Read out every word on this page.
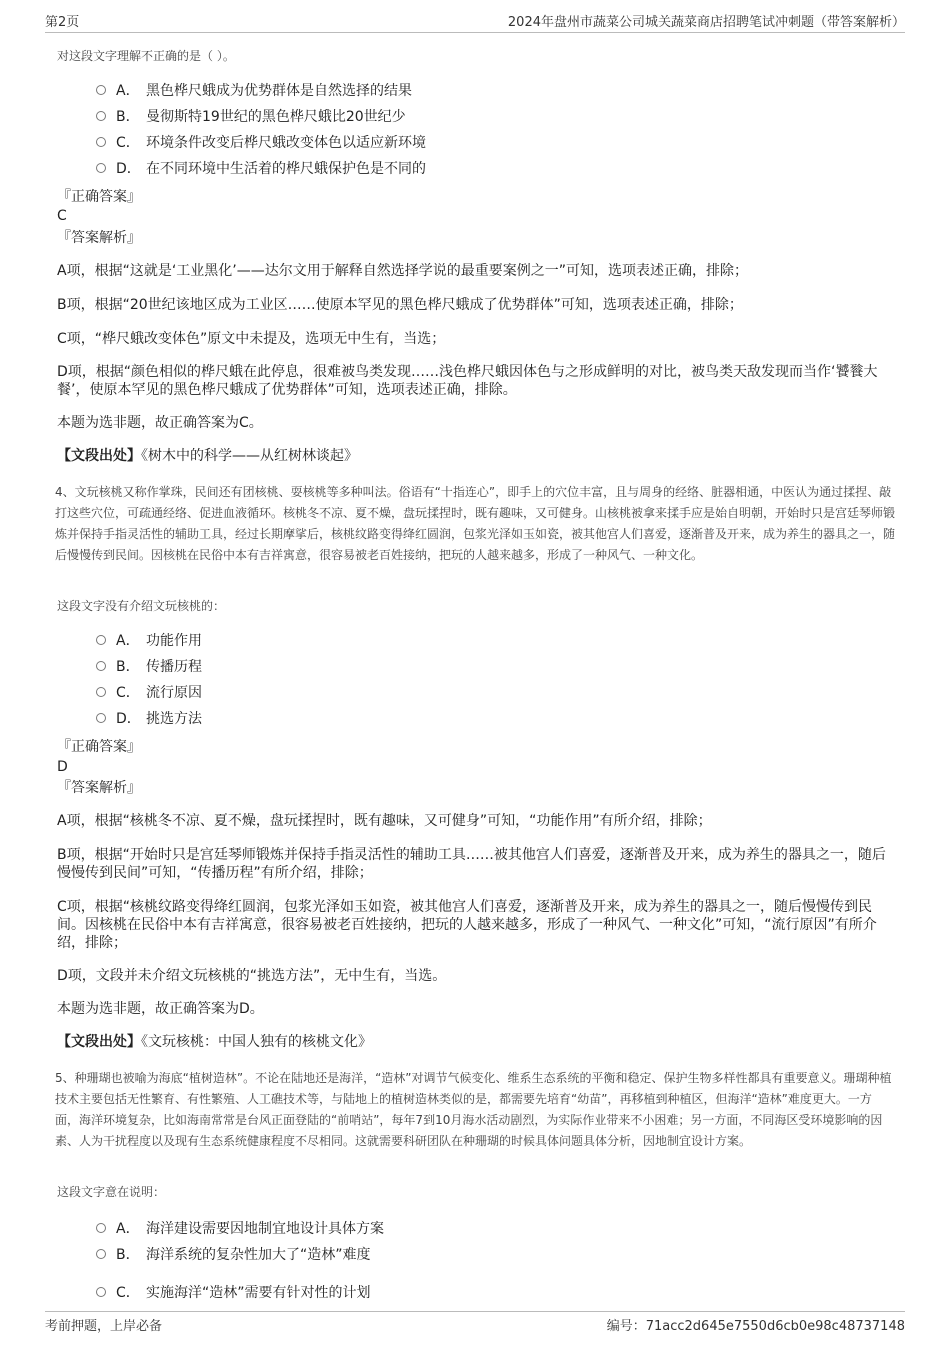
第2页	2024年盘州市蔬菜公司城关蔬菜商店招聘笔试冲刺题（带答案解析）
对这段文字理解不正确的是（ ）。
A． 黑色桦尺蛾成为优势群体是自然选择的结果
B． 曼彻斯特19世纪的黑色桦尺蛾比20世纪少
C． 环境条件改变后桦尺蛾改变体色以适应新环境
D． 在不同环境中生活着的桦尺蛾保护色是不同的
『正确答案』
C
『答案解析』
A项，根据“这就是‘工业黑化’——达尔文用于解释自然选择学说的最重要案例之一”可知，选项表述正确，排除；
B项，根据“20世纪该地区成为工业区……使原本罕见的黑色桦尺蛾成了优势群体”可知，选项表述正确，排除；
C项，“桦尺蛾改变体色”原文中未提及，选项无中生有，当选；
D项，根据“颜色相似的桦尺蛾在此停息，很难被鸟类发现……浅色桦尺蛾因体色与之形成鲜明的对比，被鸟类天敌发现而当作‘饕餮大餐’，使原本罕见的黑色桦尺蛾成了优势群体”可知，选项表述正确，排除。
本题为选非题，故正确答案为C。
【文段出处】《树木中的科学——从红树林谈起》
4、文玩核桃又称作掌珠，民间还有团核桃、耍核桃等多种叫法。俗语有“十指连心”，即手上的穴位丰富，且与周身的经络、脏器相通，中医认为通过揉捏、敲打这些穴位，可疏通经络、促进血液循环。核桃冬不凉、夏不燥，盘玩揉捏时，既有趣味，又可健身。山核桃被拿来揉手应是始自明朝，开始时只是宫廷琴师锻炼并保持手指灵活性的辅助工具，经过长期摩挲后，核桃纹路变得绛红圆润，包浆光泽如玉如瓷，被其他宫人们喜爱，逐渐普及开来，成为养生的器具之一，随后慢慢传到民间。因核桃在民俗中本有吉祥寓意，很容易被老百姓接纳，把玩的人越来越多，形成了一种风气、一种文化。
这段文字没有介绍文玩核桃的：
A． 功能作用
B． 传播历程
C． 流行原因
D． 挑选方法
『正确答案』
D
『答案解析』
A项，根据“核桃冬不凉、夏不燥，盘玩揉捏时，既有趣味，又可健身”可知，“功能作用”有所介绍，排除；
B项，根据“开始时只是宫廷琴师锻炼并保持手指灵活性的辅助工具……被其他宫人们喜爱，逐渐普及开来，成为养生的器具之一，随后慢慢传到民间”可知，“传播历程”有所介绍，排除；
C项，根据“核桃纹路变得绛红圆润，包浆光泽如玉如瓷，被其他宫人们喜爱，逐渐普及开来，成为养生的器具之一，随后慢慢传到民间。因核桃在民俗中本有吉祥寓意，很容易被老百姓接纳，把玩的人越来越多，形成了一种风气、一种文化”可知，“流行原因”有所介绍，排除；
D项，文段并未介绍文玩核桃的“挑选方法”，无中生有，当选。
本题为选非题，故正确答案为D。
【文段出处】《文玩核桃：中国人独有的核桃文化》
5、种珊瑚也被喻为海底“植树造林”。不论在陆地还是海洋，“造林”对调节气候变化、维系生态系统的平衡和稳定、保护生物多样性都具有重要意义。珊瑚种植技术主要包括无性繁育、有性繁殖、人工礁技术等，与陆地上的植树造林类似的是，都需要先培育“幼苗”，再移植到种植区，但海洋“造林”难度更大。一方面，海洋环境复杂，比如海南常常是台风正面登陆的“前哨站”，每年7到10月海水活动剧烈，为实际作业带来不小困难；另一方面，不同海区受环境影响的因素、人为干扰程度以及现有生态系统健康程度不尽相同。这就需要科研团队在种珊瑚的时候具体问题具体分析，因地制宜设计方案。
这段文字意在说明：
A． 海洋建设需要因地制宜地设计具体方案
B． 海洋系统的复杂性加大了“造林”难度
C． 实施海洋“造林”需要有针对性的计划
考前押题，上岸必备	编号：71acc2d645e7550d6cb0e98c48737148
